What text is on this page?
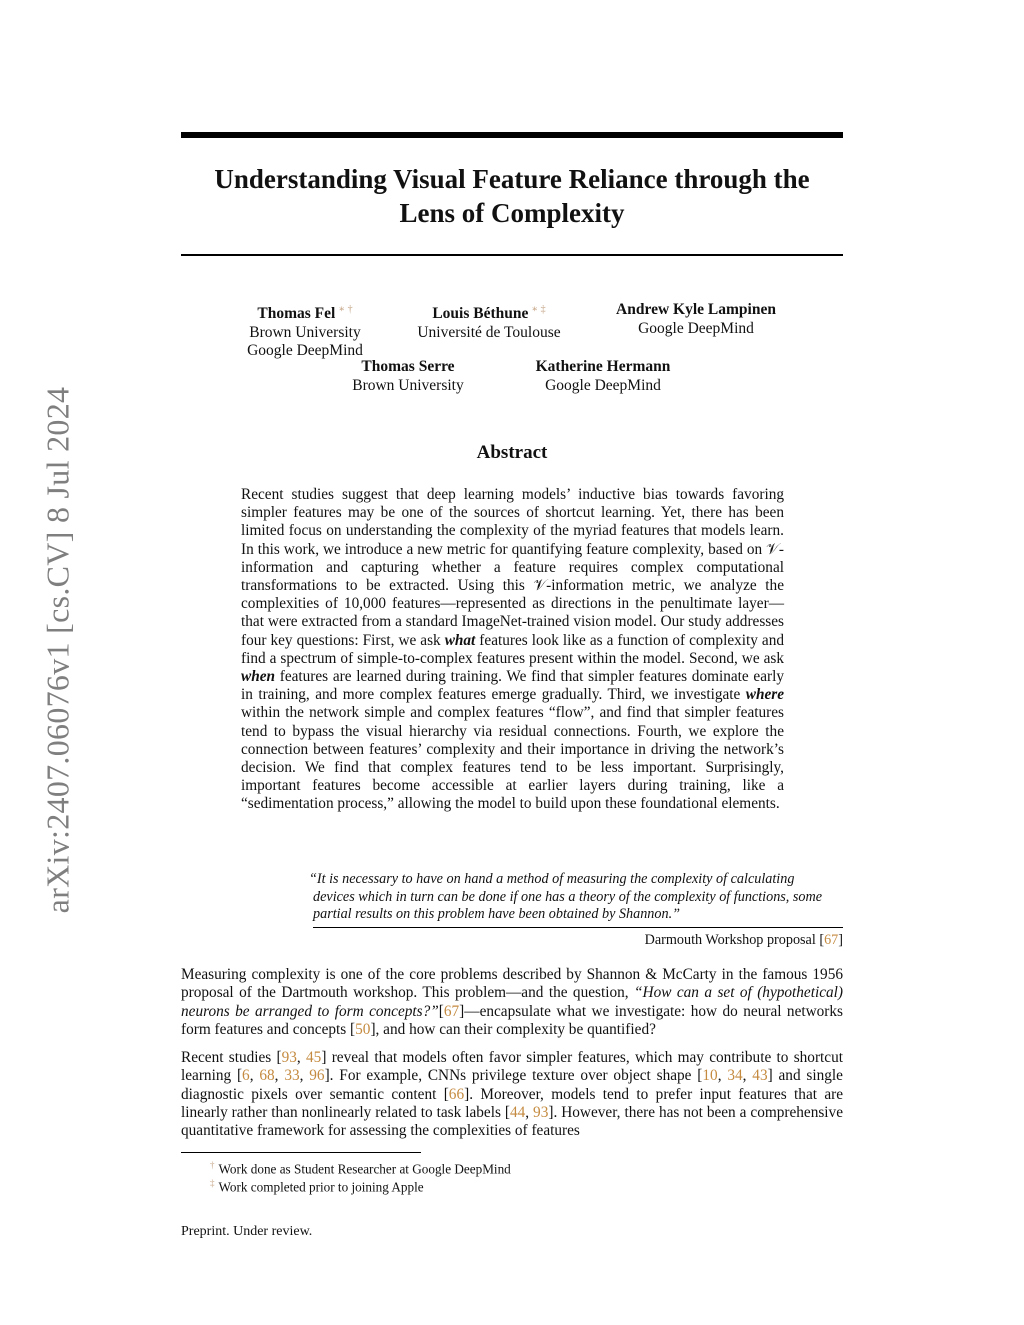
arXiv:2407.06076v1 [cs.CV] 8 Jul 2024
Understanding Visual Feature Reliance through the
Lens of Complexity
Thomas Fel ∗ †
Brown University
Google DeepMind
Louis Béthune ∗ ‡
Université de Toulouse
Andrew Kyle Lampinen
Google DeepMind
Thomas Serre
Brown University
Katherine Hermann
Google DeepMind
Abstract
Recent studies suggest that deep learning models’ inductive bias towards favoring simpler features may be one of the sources of shortcut learning. Yet, there has been limited focus on understanding the complexity of the myriad features that models learn. In this work, we introduce a new metric for quantifying feature complexity, based on 𝒱-information and capturing whether a feature requires complex computational transformations to be extracted. Using this 𝒱-information metric, we analyze the complexities of 10,000 features—represented as directions in the penultimate layer—that were extracted from a standard ImageNet-trained vision model. Our study addresses four key questions: First, we ask what features look like as a function of complexity and find a spectrum of simple-to-complex features present within the model. Second, we ask when features are learned during training. We find that simpler features dominate early in training, and more complex features emerge gradually. Third, we investigate where within the network simple and complex features “flow”, and find that simpler features tend to bypass the visual hierarchy via residual connections. Fourth, we explore the connection between features’ complexity and their importance in driving the network’s decision. We find that complex features tend to be less important. Surprisingly, important features become accessible at earlier layers during training, like a “sedimentation process,” allowing the model to build upon these foundational elements.
“It is necessary to have on hand a method of measuring the complexity of calculating
devices which in turn can be done if one has a theory of the complexity of functions, some
partial results on this problem have been obtained by Shannon.”
Darmouth Workshop proposal [67]
Measuring complexity is one of the core problems described by Shannon & McCarty in the famous 1956 proposal of the Dartmouth workshop. This problem—and the question, “How can a set of (hypothetical) neurons be arranged to form concepts?”[67]—encapsulate what we investigate: how do neural networks form features and concepts [50], and how can their complexity be quantified?
Recent studies [93, 45] reveal that models often favor simpler features, which may contribute to shortcut learning [6, 68, 33, 96]. For example, CNNs privilege texture over object shape [10, 34, 43] and single diagnostic pixels over semantic content [66]. Moreover, models tend to prefer input features that are linearly rather than nonlinearly related to task labels [44, 93]. However, there has not been a comprehensive quantitative framework for assessing the complexities of features
† Work done as Student Researcher at Google DeepMind
‡ Work completed prior to joining Apple
Preprint. Under review.
